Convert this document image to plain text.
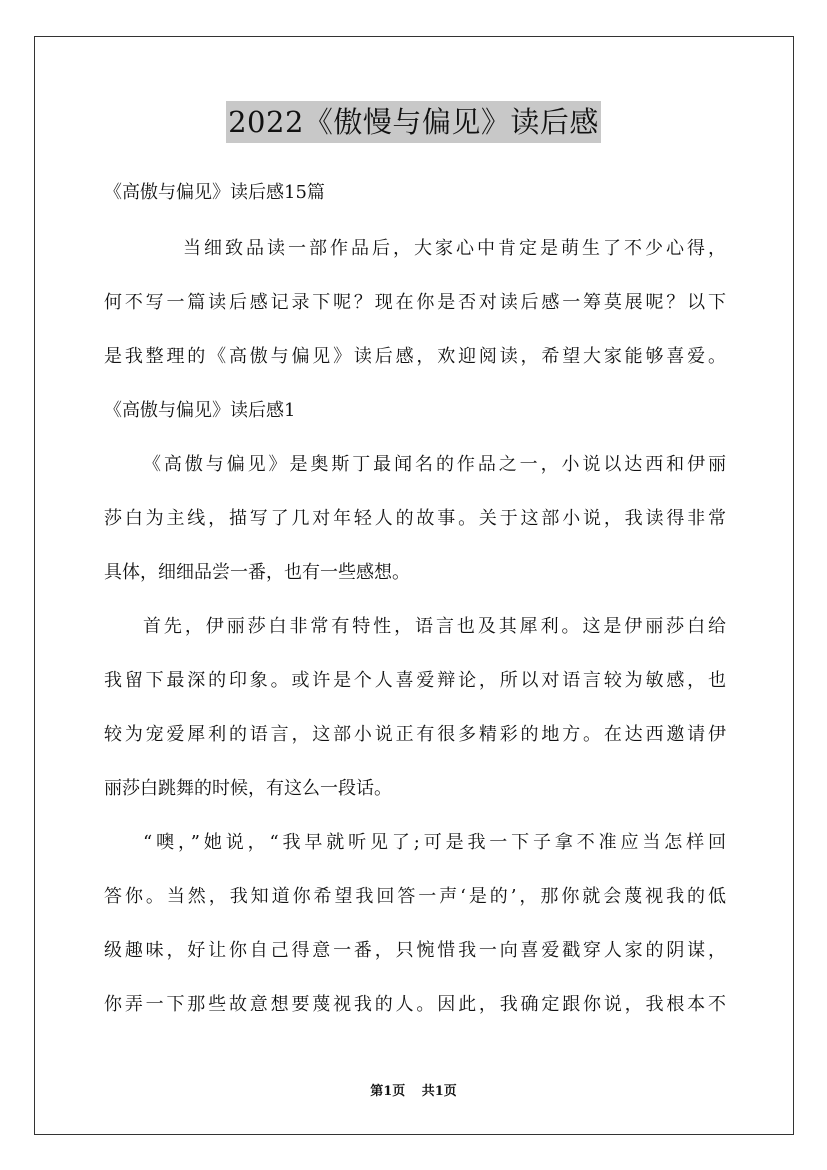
2022《傲慢与偏见》读后感
《高傲与偏见》读后感15篇
当细致品读一部作品后，大家心中肯定是萌生了不少心得，
何不写一篇读后感记录下呢？现在你是否对读后感一筹莫展呢？以下
是我整理的《高傲与偏见》读后感，欢迎阅读，希望大家能够喜爱。
《高傲与偏见》读后感1
《高傲与偏见》是奥斯丁最闻名的作品之一，小说以达西和伊丽
莎白为主线，描写了几对年轻人的故事。关于这部小说，我读得非常
具体，细细品尝一番，也有一些感想。
首先，伊丽莎白非常有特性，语言也及其犀利。这是伊丽莎白给
我留下最深的印象。或许是个人喜爱辩论，所以对语言较为敏感，也
较为宠爱犀利的语言，这部小说正有很多精彩的地方。在达西邀请伊
丽莎白跳舞的时候，有这么一段话。
“噢，”她说，“我早就听见了;可是我一下子拿不准应当怎样回
答你。当然，我知道你希望我回答一声‘是的’，那你就会蔑视我的低
级趣味，好让你自己得意一番，只惋惜我一向喜爱戳穿人家的阴谋，
你弄一下那些故意想要蔑视我的人。因此，我确定跟你说，我根本不
第1页 共1页
